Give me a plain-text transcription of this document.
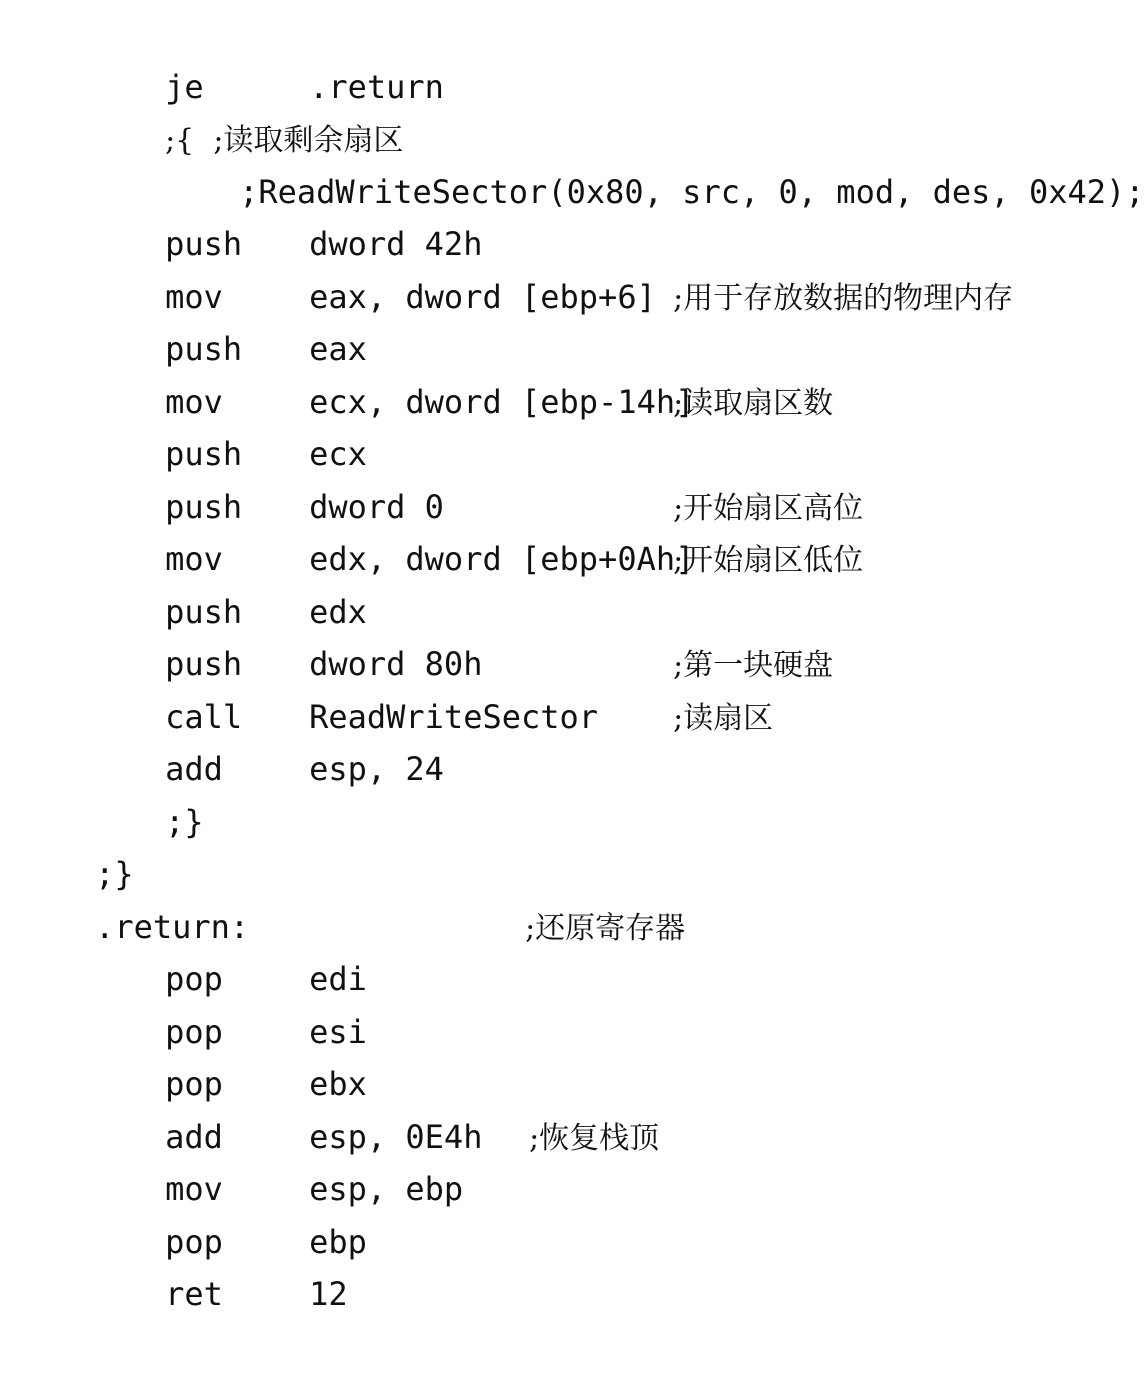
je	.return

;{  ;读取剩余扇区

;ReadWriteSector(0x80, src, 0, mod, des, 0x42);

push dword 42h

mov	eax, dword [ebp+6]  ;用于存放数据的物理内存

push eax

mov	ecx, dword [ebp-14h];读取扇区数

push ecx

push dword 0	;开始扇区高位

mov	edx, dword [ebp+0Ah];开始扇区低位

push edx

push dword 80h	;第一块硬盘

call ReadWriteSector	;读扇区

add	esp, 24

;}

;}

.return:	;还原寄存器

pop	edi

pop	esi

pop	ebx

add	esp, 0E4h  ;恢复栈顶

mov	esp, ebp

pop	ebp

ret	12
